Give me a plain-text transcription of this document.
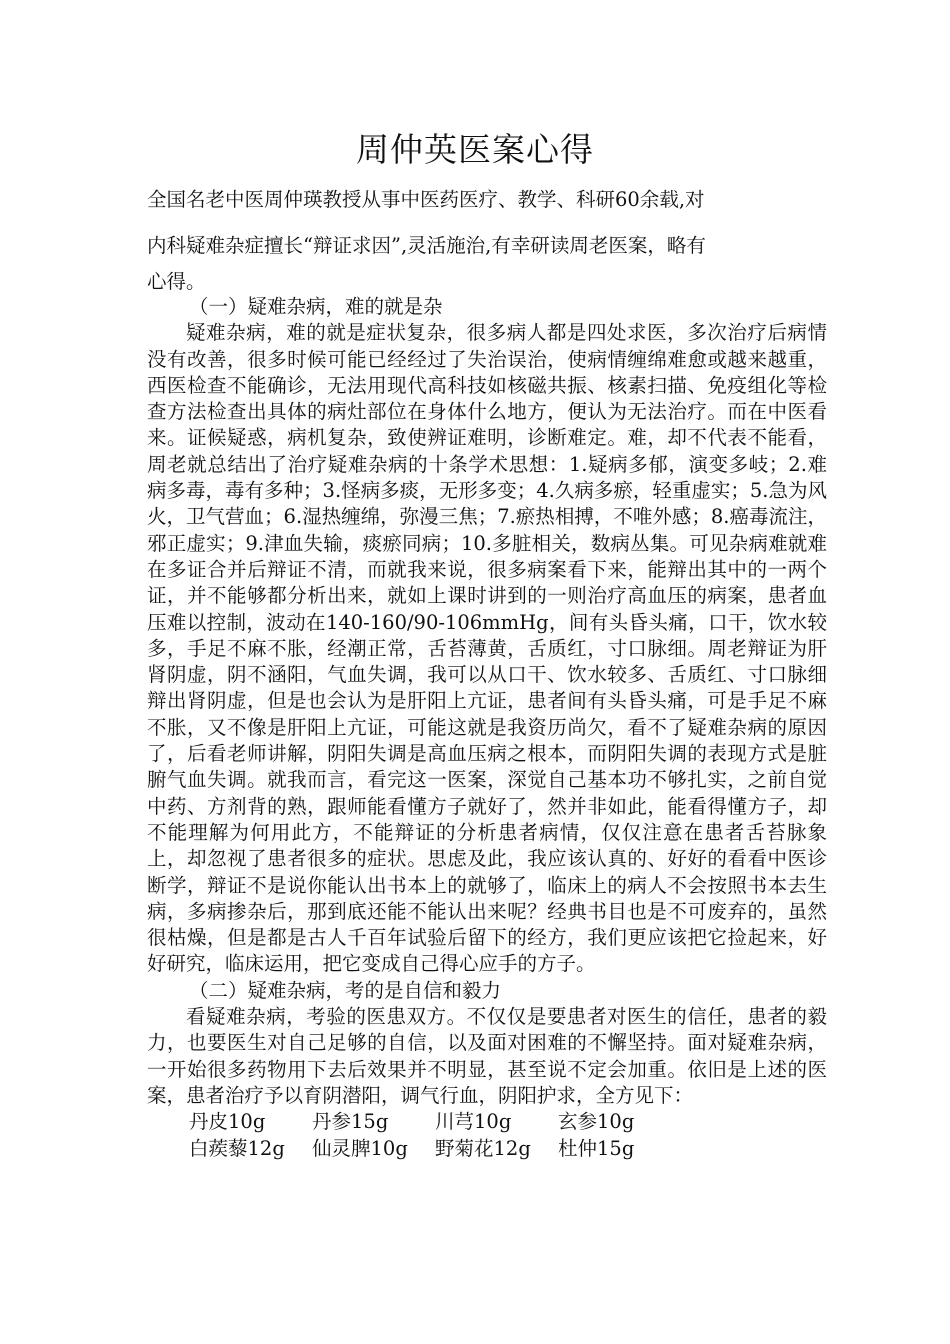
周仲英医案心得
全国名老中医周仲瑛教授从事中医药医疗、教学、科研60余载,对
内科疑难杂症擅长“辩证求因”,灵活施治,有幸研读周老医案，略有
心得。

（一）疑难杂病，难的就是杂

疑难杂病，难的就是症状复杂，很多病人都是四处求医，多次治疗后病情没有改善，很多时候可能已经经过了失治误治，使病情缠绵难愈或越来越重，西医检查不能确诊，无法用现代高科技如核磁共振、核素扫描、免疫组化等检查方法检查出具体的病灶部位在身体什么地方，便认为无法治疗。而在中医看来。证候疑惑，病机复杂，致使辨证难明，诊断难定。难，却不代表不能看，周老就总结出了治疗疑难杂病的十条学术思想：1.疑病多郁，演变多岐；2.难病多毒，毒有多种；3.怪病多痰，无形多变；4.久病多瘀，轻重虚实；5.急为风火，卫气营血；6.湿热缠绵，弥漫三焦；7.瘀热相搏，不唯外感；8.癌毒流注，邪正虚实；9.津血失输，痰瘀同病；10.多脏相关，数病丛集。可见杂病难就难在多证合并后辩证不清，而就我来说，很多病案看下来，能辩出其中的一两个证，并不能够都分析出来，就如上课时讲到的一则治疗高血压的病案，患者血压难以控制，波动在140-160/90-106mmHg，间有头昏头痛，口干，饮水较多，手足不麻不胀，经潮正常，舌苔薄黄，舌质红，寸口脉细。周老辩证为肝肾阴虚，阴不涵阳，气血失调，我可以从口干、饮水较多、舌质红、寸口脉细辩出肾阴虚，但是也会认为是肝阳上亢证，患者间有头昏头痛，可是手足不麻不胀，又不像是肝阳上亢证，可能这就是我资历尚欠，看不了疑难杂病的原因了，后看老师讲解，阴阳失调是高血压病之根本，而阴阳失调的表现方式是脏腑气血失调。就我而言，看完这一医案，深觉自己基本功不够扎实，之前自觉中药、方剂背的熟，跟师能看懂方子就好了，然并非如此，能看得懂方子，却不能理解为何用此方，不能辩证的分析患者病情，仅仅注意在患者舌苔脉象上，却忽视了患者很多的症状。思虑及此，我应该认真的、好好的看看中医诊断学，辩证不是说你能认出书本上的就够了，临床上的病人不会按照书本去生病，多病掺杂后，那到底还能不能认出来呢？经典书目也是不可废弃的，虽然很枯燥，但是都是古人千百年试验后留下的经方，我们更应该把它捡起来，好好研究，临床运用，把它变成自己得心应手的方子。

（二）疑难杂病，考的是自信和毅力

看疑难杂病，考验的医患双方。不仅仅是要患者对医生的信任，患者的毅力，也要医生对自己足够的自信，以及面对困难的不懈坚持。面对疑难杂病，一开始很多药物用下去后效果并不明显，甚至说不定会加重。依旧是上述的医案，患者治疗予以育阴潜阳，调气行血，阴阳护求，全方见下：

丹皮10g	丹参15g	川芎10g	玄参10g
白蒺藜12g	仙灵脾10g	野菊花12g	杜仲15g
